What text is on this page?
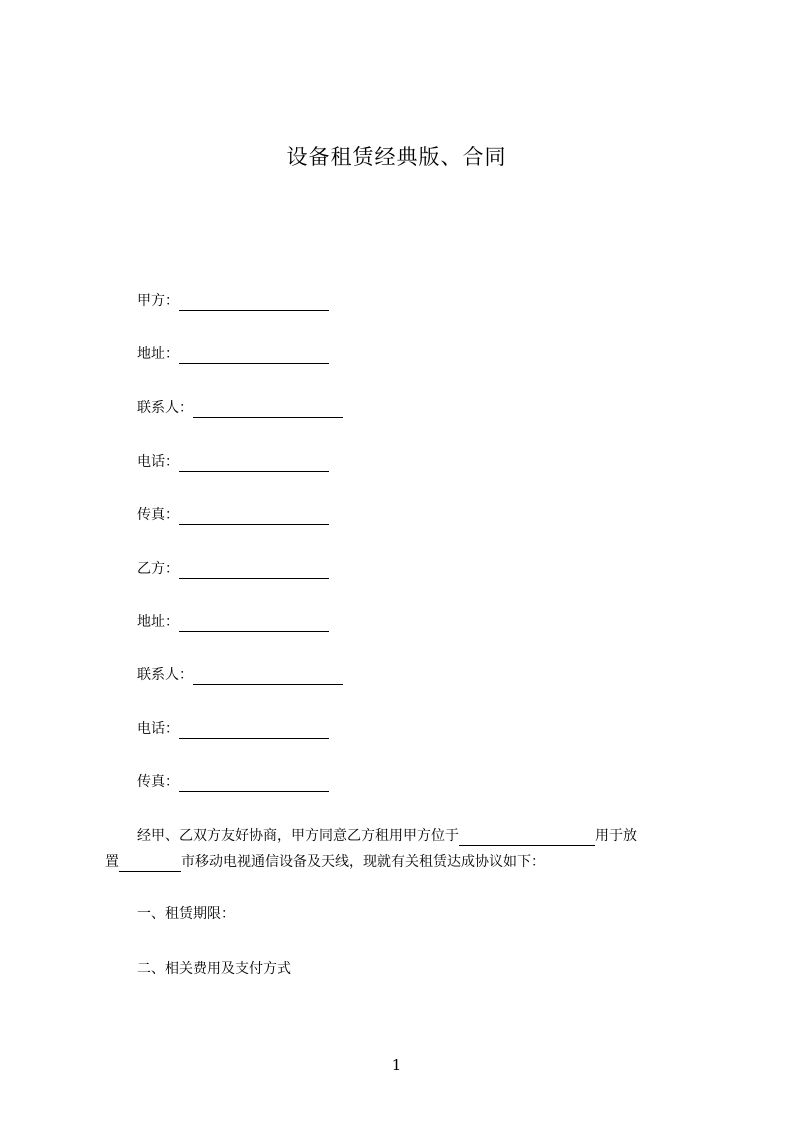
设备租赁经典版、合同
甲方：
地址：
联系人：
电话：
传真：
乙方：
地址：
联系人：
电话：
传真：
经甲、乙双方友好协商，甲方同意乙方租用甲方位于	用于放
置	市移动电视通信设备及天线，现就有关租赁达成协议如下：
一、租赁期限：
二、相关费用及支付方式
1
